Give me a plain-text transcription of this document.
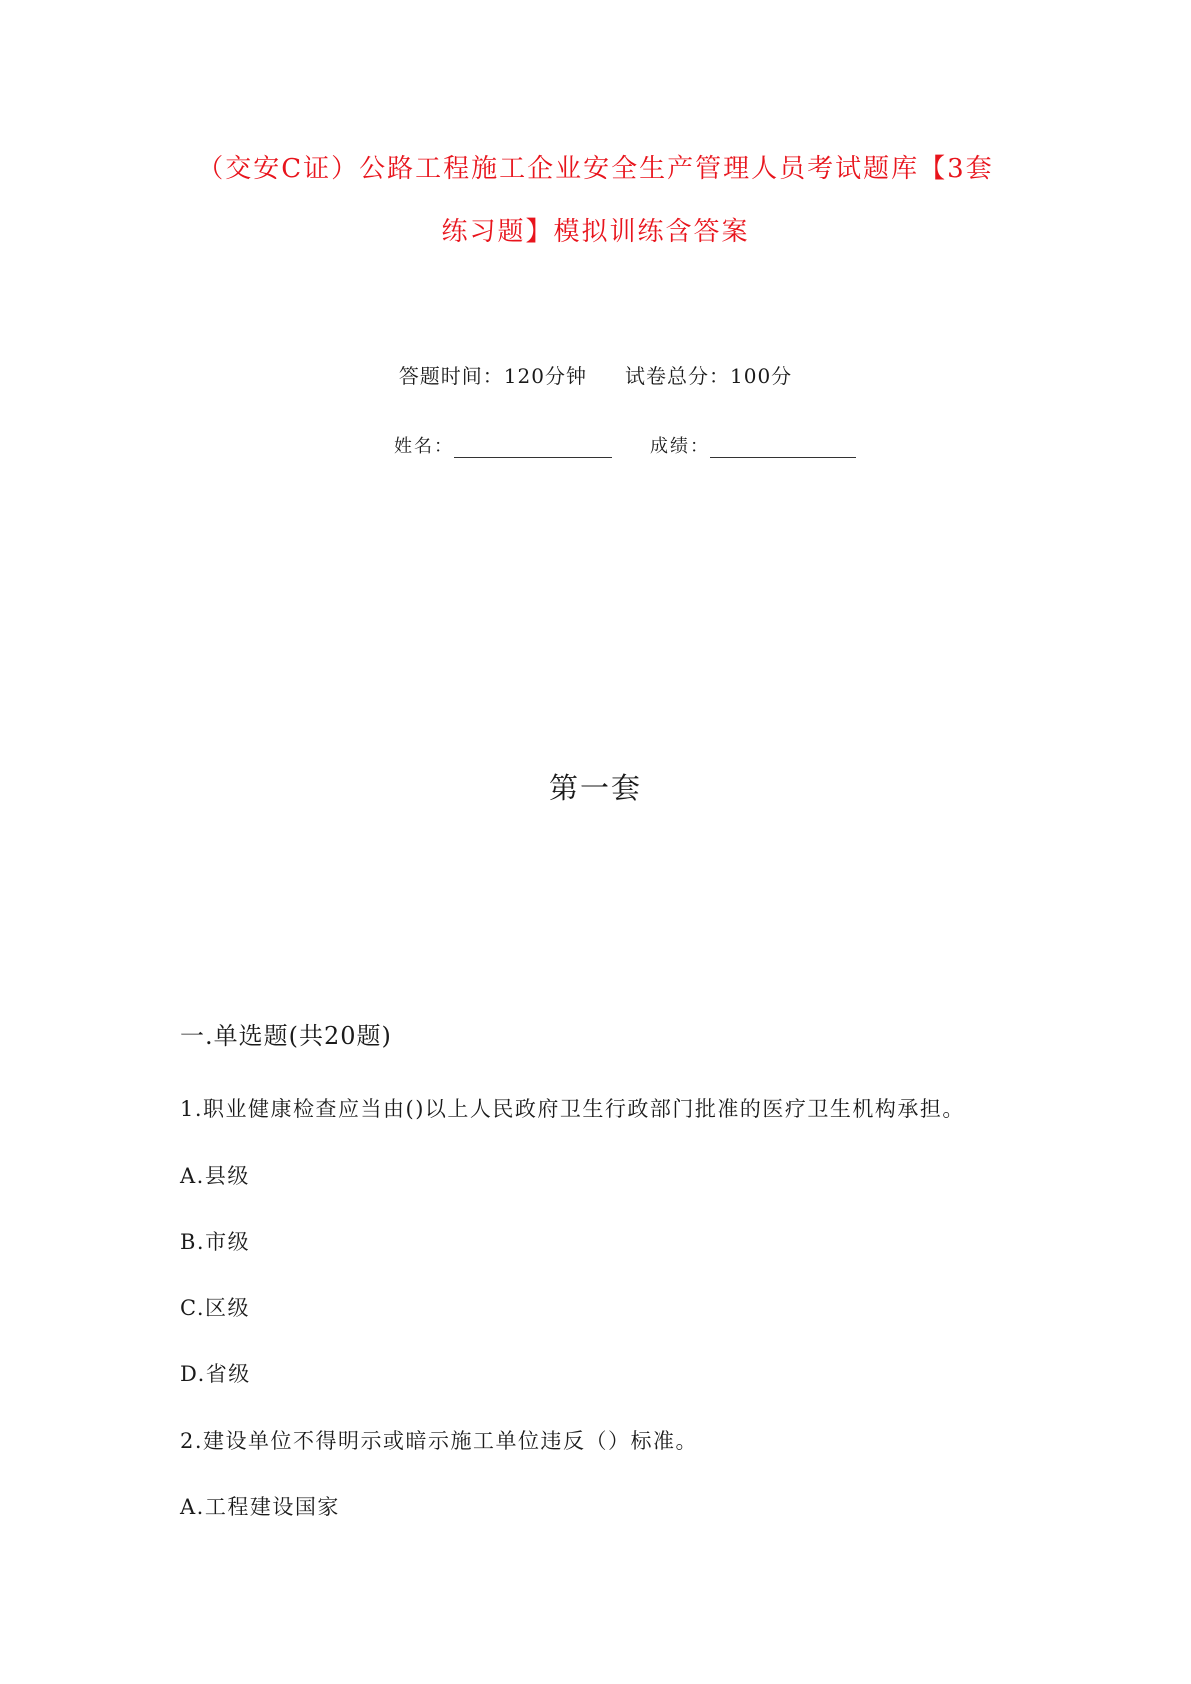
（交安C证）公路工程施工企业安全生产管理人员考试题库【3套
练习题】模拟训练含答案
答题时间：120分钟 试卷总分：100分
姓名：	成绩：
第一套
一.单选题(共20题)
1.职业健康检查应当由()以上人民政府卫生行政部门批准的医疗卫生机构承担。
A.县级
B.市级
C.区级
D.省级
2.建设单位不得明示或暗示施工单位违反（）标准。
A.工程建设国家
